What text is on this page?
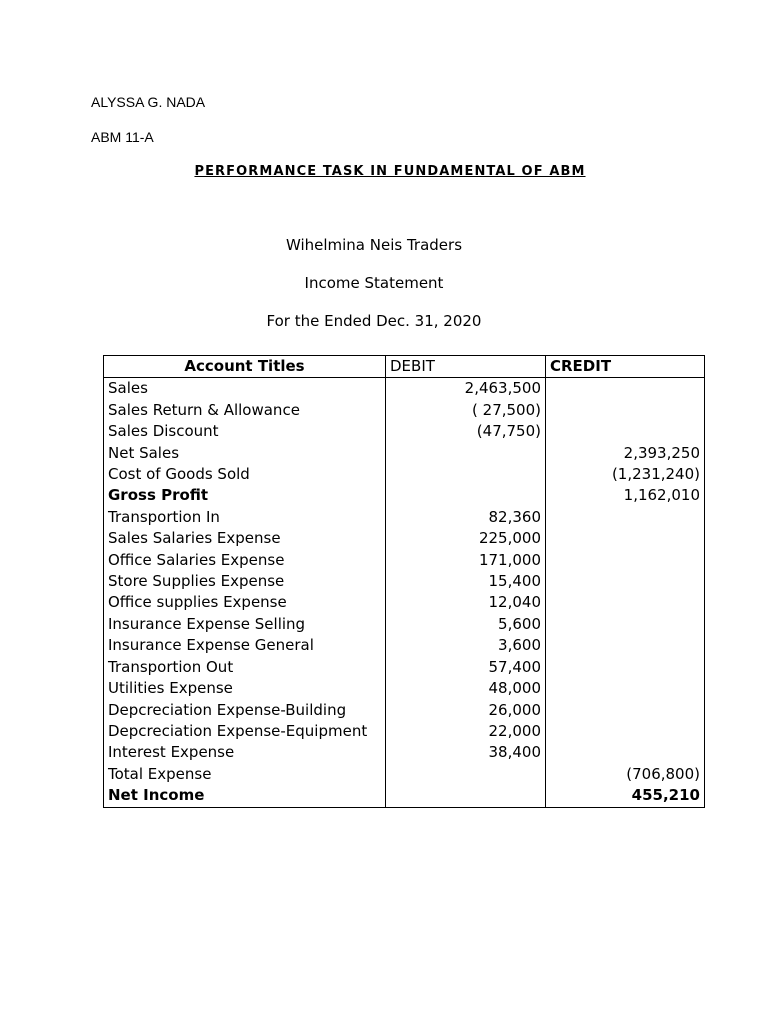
ALYSSA G. NADA
ABM 11-A
PERFORMANCE TASK IN FUNDAMENTAL OF ABM
Wihelmina Neis Traders
Income Statement
For the Ended Dec. 31, 2020
Account Titles	DEBIT	CREDIT
Sales	2,463,500	
Sales Return & Allowance	( 27,500)	
Sales Discount	(47,750)	
Net Sales		2,393,250
Cost of Goods Sold		(1,231,240)
Gross Profit		1,162,010
Transportion In	82,360	
Sales Salaries Expense	225,000	
Office Salaries Expense	171,000	
Store Supplies Expense	15,400	
Office supplies Expense	12,040	
Insurance Expense Selling	5,600	
Insurance Expense General	3,600	
Transportion Out	57,400	
Utilities Expense	48,000	
Depcreciation Expense-Building	26,000	
Depcreciation Expense-Equipment	22,000	
Interest Expense	38,400	
Total Expense		(706,800)
Net Income		455,210
